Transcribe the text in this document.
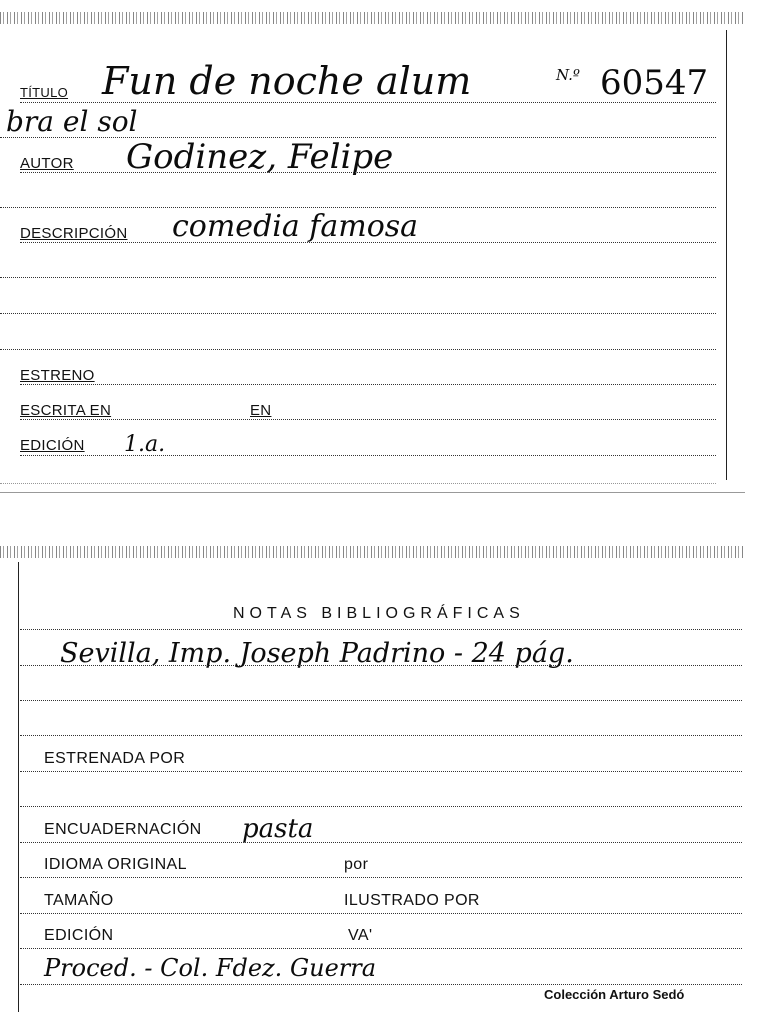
TÍTULO Fun de noche alum	N.º 60547
bra el sol
AUTOR Godinez, Felipe
DESCRIPCIÓN comedia famosa
ESTRENO
ESCRITA EN	EN
EDICIÓN 1.a.
NOTAS BIBLIOGRÁFICAS
Sevilla, Imp. Joseph Padrino - 24 pág.
ESTRENADA POR
ENCUADERNACIÓN pasta
IDIOMA ORIGINAL	por
TAMAÑO	ILUSTRADO POR
EDICIÓN	VA'
Proced. - Col. Fdez. Guerra
Colección Arturo Sedó
